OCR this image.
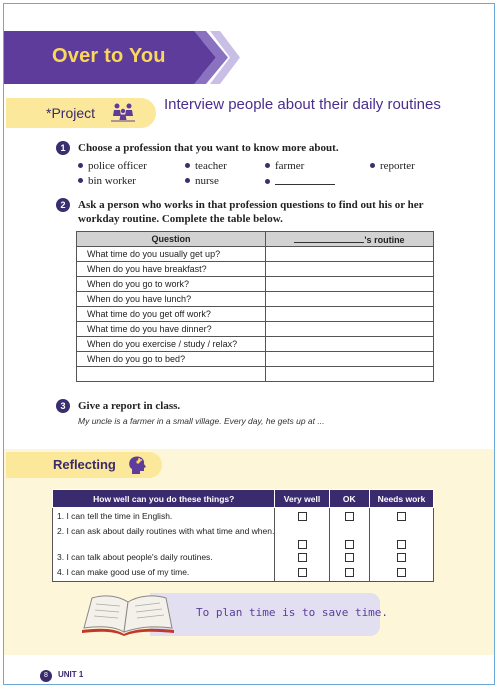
Over to You
*Project	Interview people about their daily routines
1	Choose a profession that you want to know more about.
police officer	teacher	farmer	reporter
bin worker	nurse
2	Ask a person who works in that profession questions to find out his or her workday routine. Complete the table below.
Question	's routine
What time do you usually get up?	
When do you have breakfast?	
When do you go to work?	
When do you have lunch?	
What time do you get off work?	
What time do you have dinner?	
When do you exercise / study / relax?	
When do you go to bed?	

3	Give a report in class.
My uncle is a farmer in a small village. Every day, he gets up at ...
Reflecting
How well can you do these things?	Very well	OK	Needs work
1. I can tell the time in English.	

2. I can ask about daily routines with what time and when.	

3. I can talk about people's daily routines.	

4. I can make good use of my time.	

To plan time is to save time.
8	UNIT 1
